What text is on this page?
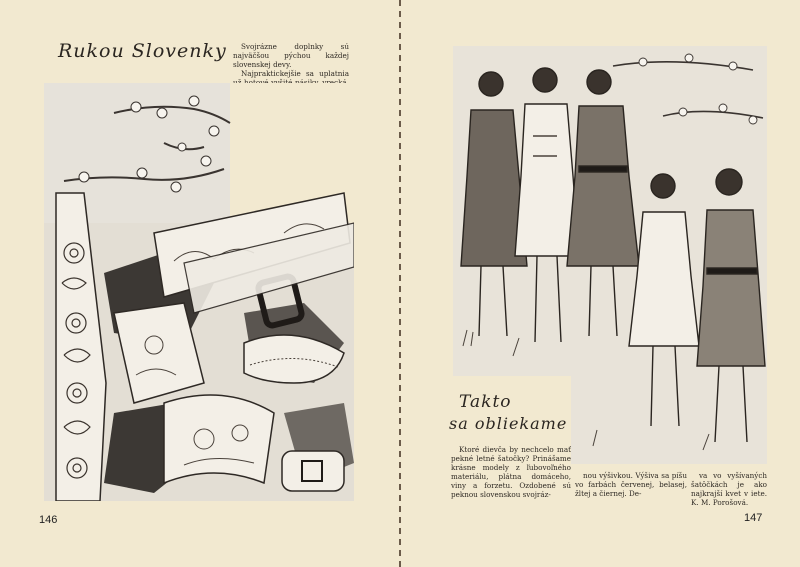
Rukou Slovenky	Svojrázne doplnky sú najväčšou pýchou každej slovenskej devy.

Najpraktickejšie sa uplatnia

146
Takto
sa obliekame

Ktoré dievča by nechcelo mať pekné letné šatočky? Prinášame krásne modely z ľubovoľného materiálu, plátna domáceho, viny a forzetu. Ozdobené sú peknou slovenskou svojráz-

nou výšivkou. Výšiva sa píšu vo farbách červenej, belasej, žltej a čiernej. De-

va vo vyšívaných šatôčkách je ako najkrajší kvet v iete. K. M. Porošová.

147
